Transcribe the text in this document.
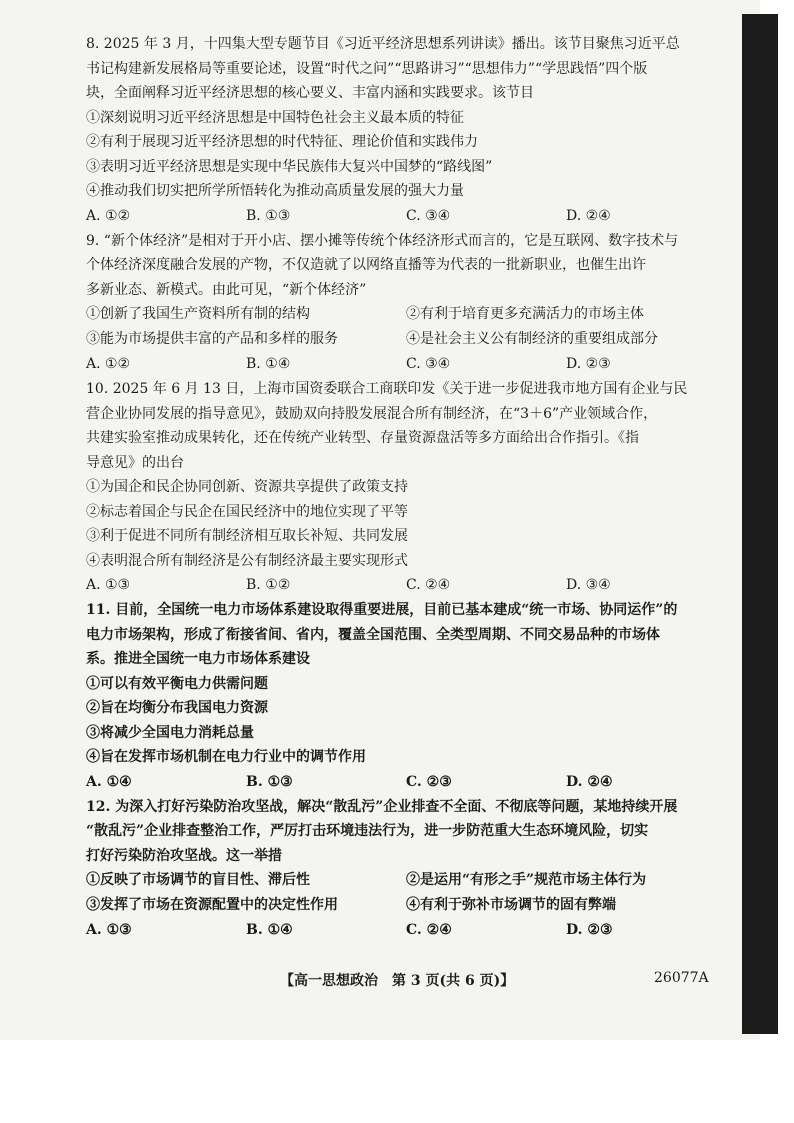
8. 2025 年 3 月，十四集大型专题节目《习近平经济思想系列讲读》播出。该节目聚焦习近平总

书记构建新发展格局等重要论述，设置“时代之问”“思路讲习”“思想伟力”“学思践悟”四个版

块，全面阐释习近平经济思想的核心要义、丰富内涵和实践要求。该节目

①深刻说明习近平经济思想是中国特色社会主义最本质的特征

②有利于展现习近平经济思想的时代特征、理论价值和实践伟力

③表明习近平经济思想是实现中华民族伟大复兴中国梦的“路线图”

④推动我们切实把所学所悟转化为推动高质量发展的强大力量

A. ①②	B. ①③	C. ③④	D. ②④

9. “新个体经济”是相对于开小店、摆小摊等传统个体经济形式而言的，它是互联网、数字技术与

个体经济深度融合发展的产物，不仅造就了以网络直播等为代表的一批新职业，也催生出许

多新业态、新模式。由此可见，“新个体经济”

①创新了我国生产资料所有制的结构	②有利于培育更多充满活力的市场主体
③能为市场提供丰富的产品和多样的服务	④是社会主义公有制经济的重要组成部分
A. ①②	B. ①④	C. ③④	D. ②③

10. 2025 年 6 月 13 日，上海市国资委联合工商联印发《关于进一步促进我市地方国有企业与民

营企业协同发展的指导意见》，鼓励双向持股发展混合所有制经济，在“3＋6”产业领域合作，

共建实验室推动成果转化，还在传统产业转型、存量资源盘活等多方面给出合作指引。《指

导意见》的出台

①为国企和民企协同创新、资源共享提供了政策支持

②标志着国企与民企在国民经济中的地位实现了平等

③利于促进不同所有制经济相互取长补短、共同发展

④表明混合所有制经济是公有制经济最主要实现形式

A. ①③	B. ①②	C. ②④	D. ③④

11. 目前，全国统一电力市场体系建设取得重要进展，目前已基本建成“统一市场、协同运作”的

电力市场架构，形成了衔接省间、省内，覆盖全国范围、全类型周期、不同交易品种的市场体

系。推进全国统一电力市场体系建设

①可以有效平衡电力供需问题

②旨在均衡分布我国电力资源

③将减少全国电力消耗总量

④旨在发挥市场机制在电力行业中的调节作用

A. ①④	B. ①③	C. ②③	D. ②④

12. 为深入打好污染防治攻坚战，解决“散乱污”企业排查不全面、不彻底等问题，某地持续开展

“散乱污”企业排查整治工作，严厉打击环境违法行为，进一步防范重大生态环境风险，切实

打好污染防治攻坚战。这一举措

①反映了市场调节的盲目性、滞后性	②是运用“有形之手”规范市场主体行为
③发挥了市场在资源配置中的决定性作用	④有利于弥补市场调节的固有弊端
A. ①③	B. ①④	C. ②④	D. ②③
【高一思想政治　第 3 页(共 6 页)】	26077A
